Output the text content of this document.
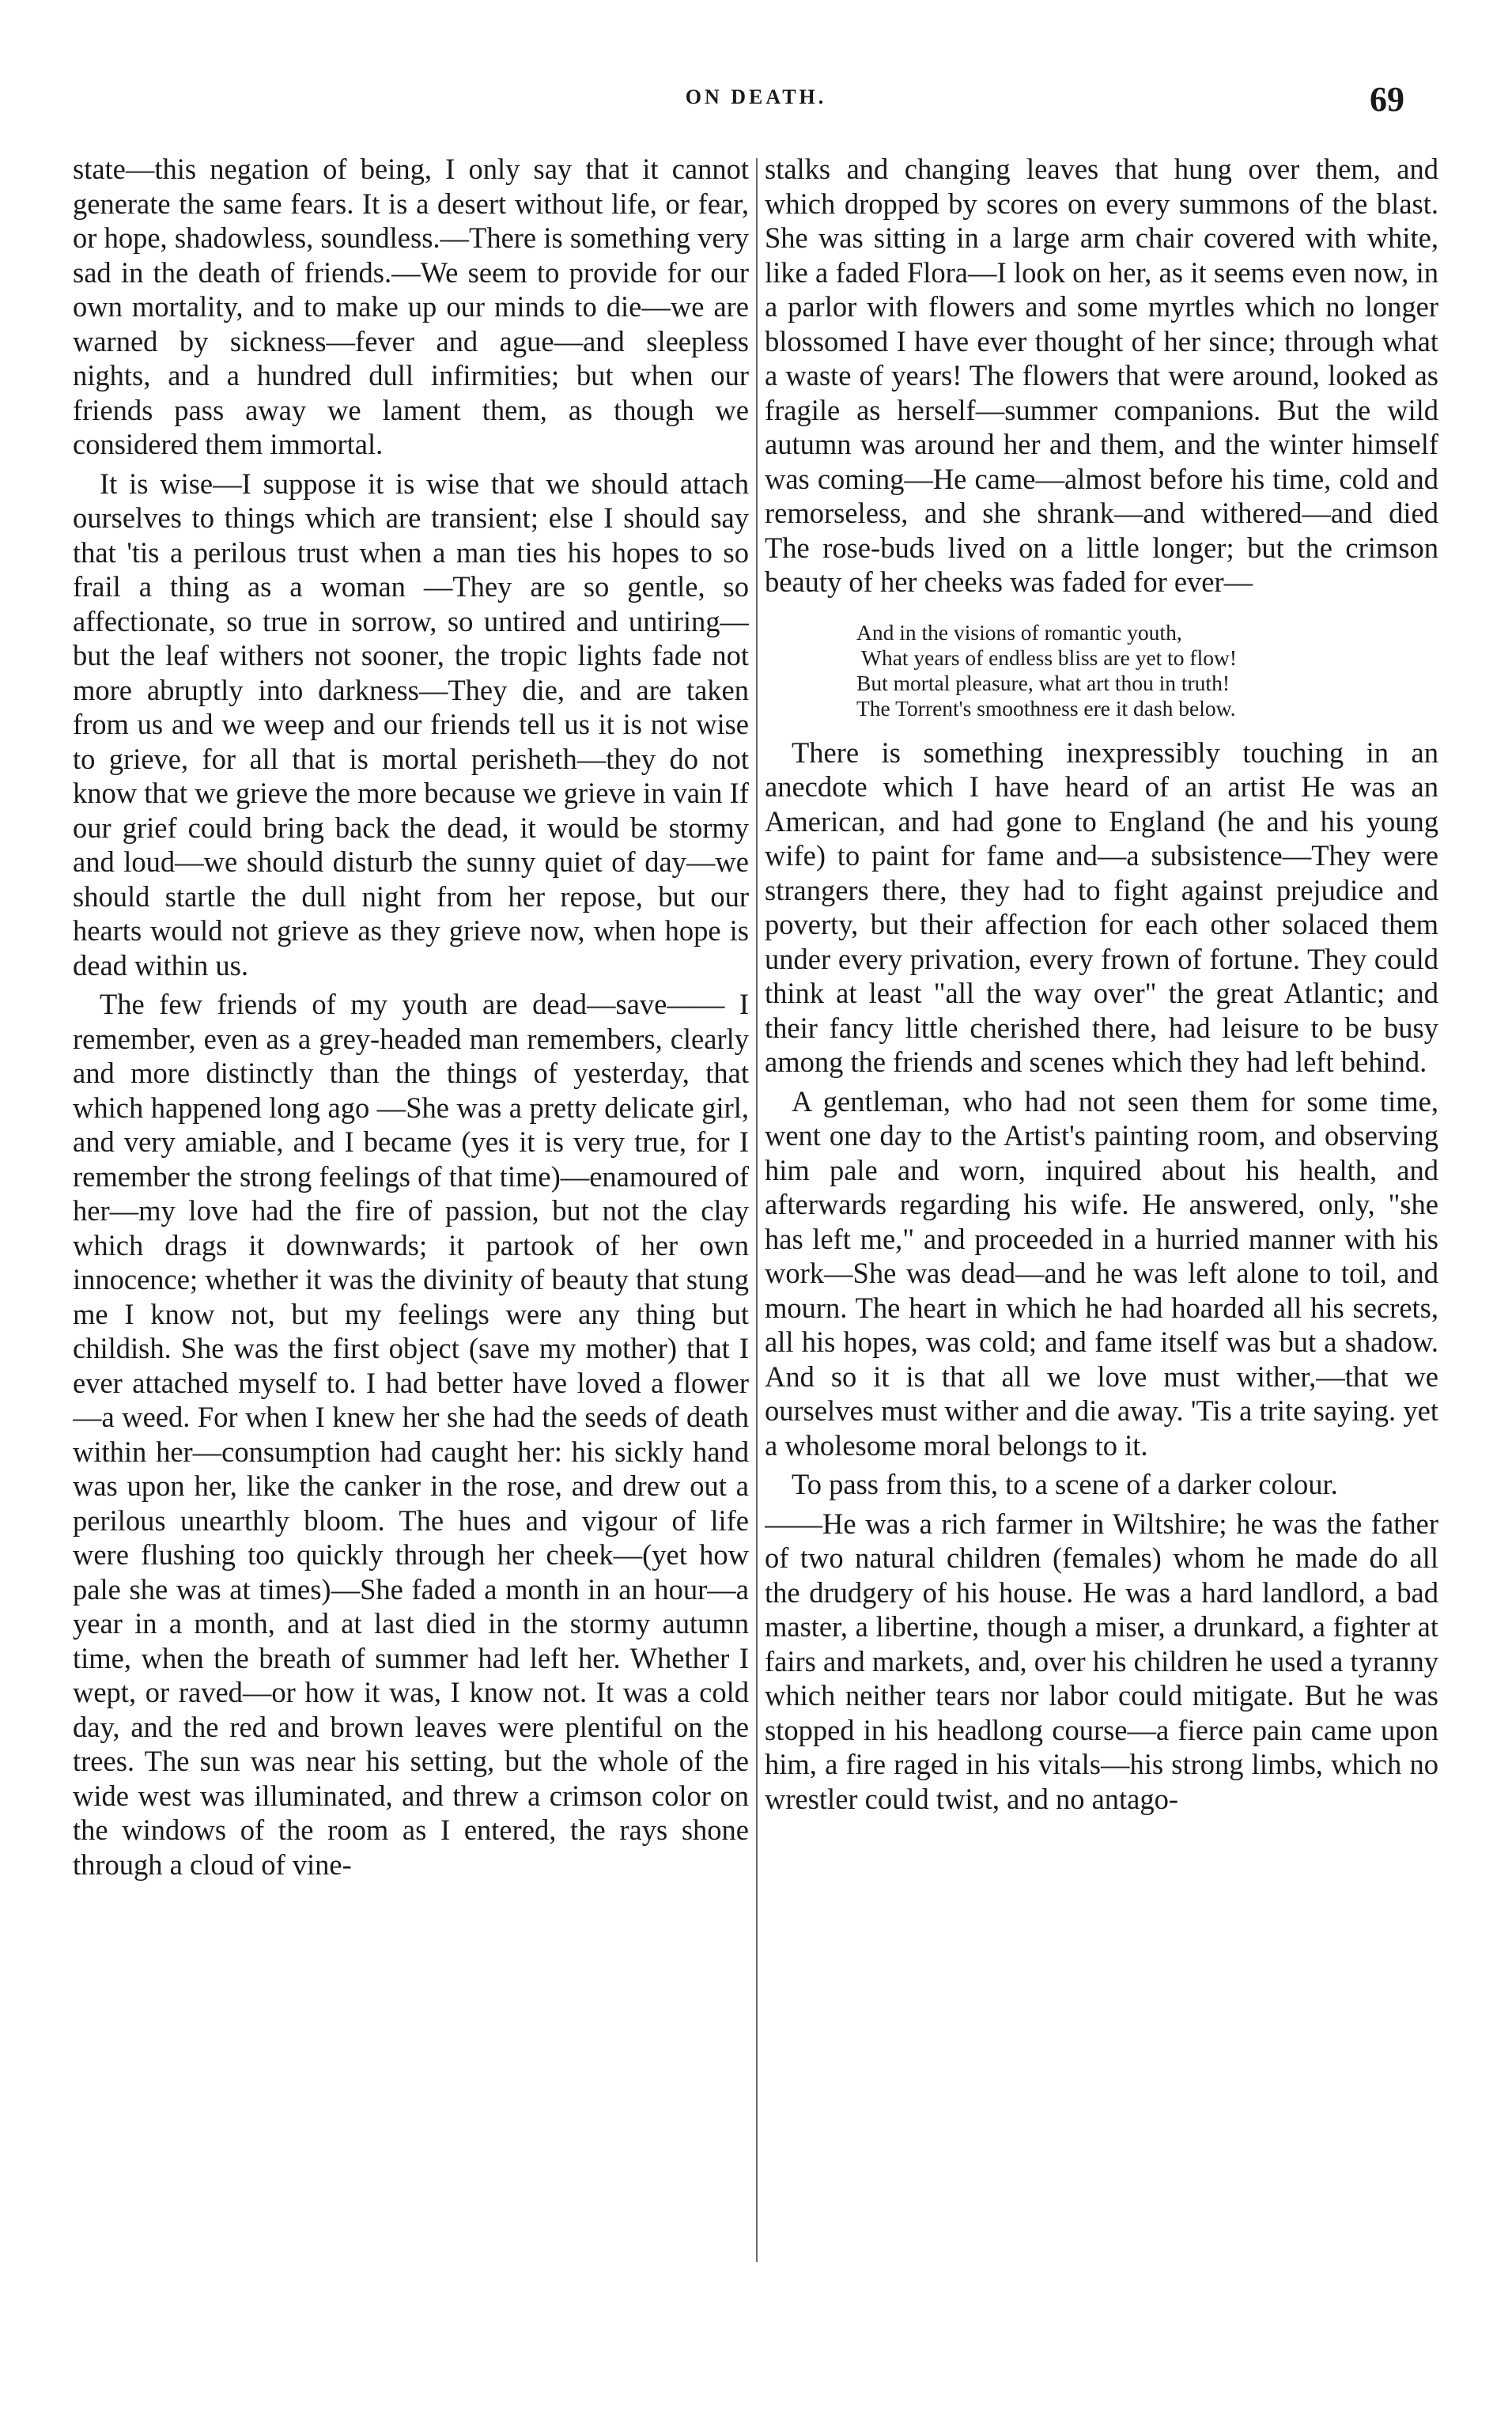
ON DEATH.	69

state—this negation of being, I only say that it cannot generate the same fears. It is a desert without life, or fear, or hope, shadowless, soundless.—There is something very sad in the death of friends.—We seem to provide for our own mortality, and to make up our minds to die—we are warned by sickness—fever and ague—and sleepless nights, and a hundred dull infirmities; but when our friends pass away we lament them, as though we considered them immortal.

It is wise—I suppose it is wise that we should attach ourselves to things which are transient; else I should say that 'tis a perilous trust when a man ties his hopes to so frail a thing as a woman —They are so gentle, so affectionate, so true in sorrow, so untired and untiring—but the leaf withers not sooner, the tropic lights fade not more abruptly into darkness—They die, and are taken from us and we weep and our friends tell us it is not wise to grieve, for all that is mortal perisheth—they do not know that we grieve the more because we grieve in vain If our grief could bring back the dead, it would be stormy and loud—we should disturb the sunny quiet of day—we should startle the dull night from her repose, but our hearts would not grieve as they grieve now, when hope is dead within us.

The few friends of my youth are dead—save—— I remember, even as a grey-headed man remembers, clearly and more distinctly than the things of yesterday, that which happened long ago —She was a pretty delicate girl, and very amiable, and I became (yes it is very true, for I remember the strong feelings of that time)—enamoured of her—my love had the fire of passion, but not the clay which drags it downwards; it partook of her own innocence; whether it was the divinity of beauty that stung me I know not, but my feelings were any thing but childish. She was the first object (save my mother) that I ever attached myself to. I had better have loved a flower—a weed. For when I knew her she had the seeds of death within her—consumption had caught her: his sickly hand was upon her, like the canker in the rose, and drew out a perilous unearthly bloom. The hues and vigour of life were flushing too quickly through her cheek—(yet how pale she was at times)—She faded a month in an hour—a year in a month, and at last died in the stormy autumn time, when the breath of summer had left her. Whether I wept, or raved—or how it was, I know not. It was a cold day, and the red and brown leaves were plentiful on the trees. The sun was near his setting, but the whole of the wide west was illuminated, and threw a crimson color on the windows of the room as I entered, the rays shone through a cloud of vine-

stalks and changing leaves that hung over them, and which dropped by scores on every summons of the blast. She was sitting in a large arm chair covered with white, like a faded Flora—I look on her, as it seems even now, in a parlor with flowers and some myrtles which no longer blossomed I have ever thought of her since; through what a waste of years! The flowers that were around, looked as fragile as herself—summer companions. But the wild autumn was around her and them, and the winter himself was coming—He came—almost before his time, cold and remorseless, and she shrank—and withered—and died The rose-buds lived on a little longer; but the crimson beauty of her cheeks was faded for ever—

And in the visions of romantic youth,
What years of endless bliss are yet to flow!
But mortal pleasure, what art thou in truth!
The Torrent's smoothness ere it dash below.

There is something inexpressibly touching in an anecdote which I have heard of an artist He was an American, and had gone to England (he and his young wife) to paint for fame and—a subsistence—They were strangers there, they had to fight against prejudice and poverty, but their affection for each other solaced them under every privation, every frown of fortune. They could think at least "all the way over" the great Atlantic; and their fancy little cherished there, had leisure to be busy among the friends and scenes which they had left behind.

A gentleman, who had not seen them for some time, went one day to the Artist's painting room, and observing him pale and worn, inquired about his health, and afterwards regarding his wife. He answered, only, "she has left me," and proceeded in a hurried manner with his work—She was dead—and he was left alone to toil, and mourn. The heart in which he had hoarded all his secrets, all his hopes, was cold; and fame itself was but a shadow. And so it is that all we love must wither,—that we ourselves must wither and die away. 'Tis a trite saying. yet a wholesome moral belongs to it.

To pass from this, to a scene of a darker colour.

——He was a rich farmer in Wiltshire; he was the father of two natural children (females) whom he made do all the drudgery of his house. He was a hard landlord, a bad master, a libertine, though a miser, a drunkard, a fighter at fairs and markets, and, over his children he used a tyranny which neither tears nor labor could mitigate. But he was stopped in his headlong course—a fierce pain came upon him, a fire raged in his vitals—his strong limbs, which no wrestler could twist, and no antago-
